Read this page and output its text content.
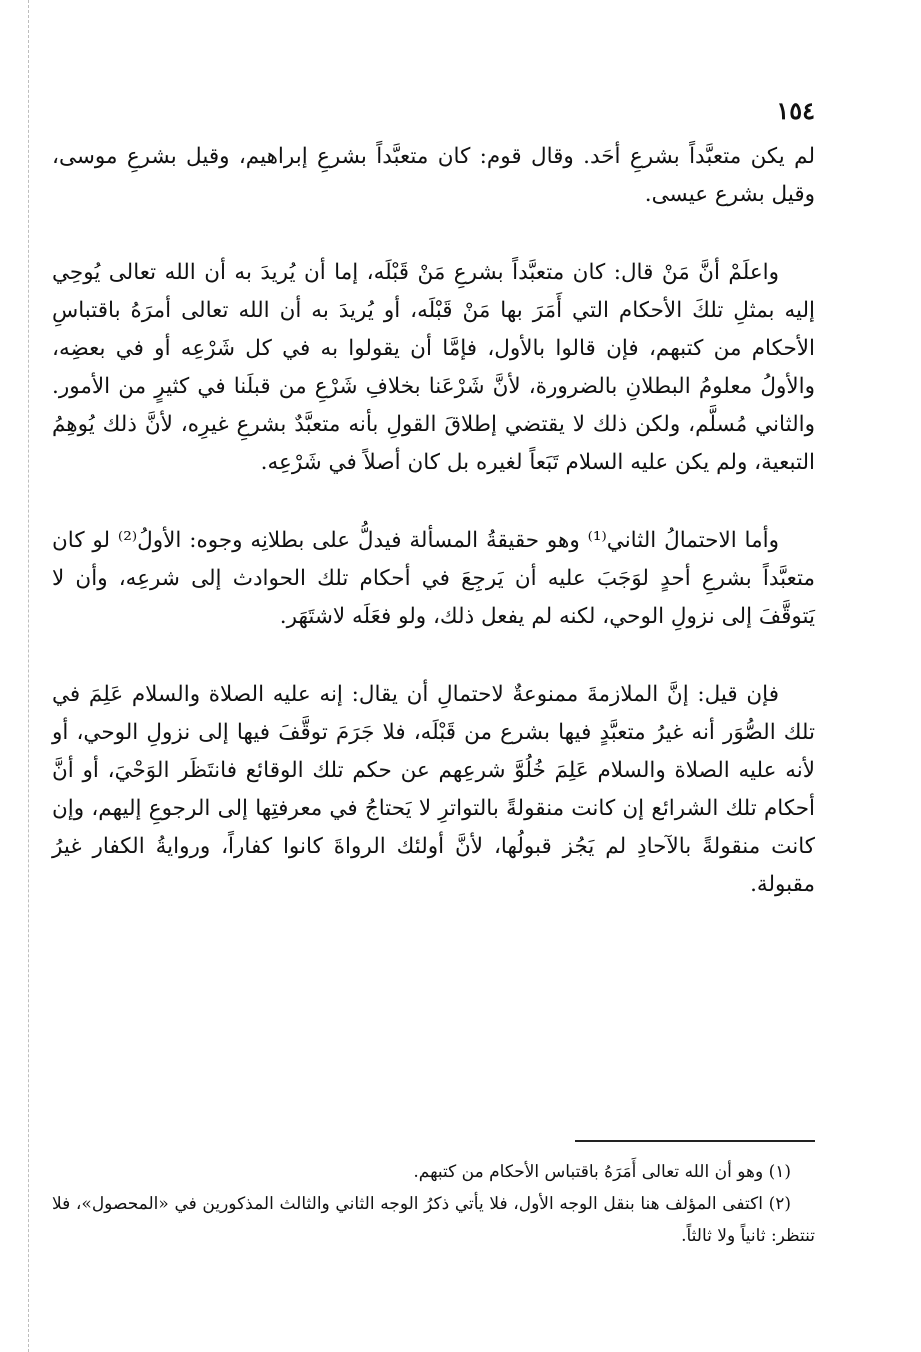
١٥٤

لم يكن متعبَّداً بشرعِ أحَد. وقال قوم: كان متعبَّداً بشرعِ إبراهيم، وقيل بشرعِ موسى، وقيل بشرع عيسى.

واعلَمْ أنَّ مَنْ قال: كان متعبَّداً بشرعِ مَنْ قَبْلَه، إما أن يُريدَ به أن الله تعالى يُوحِي إليه بمثلِ تلكَ الأحكام التي أَمَرَ بها مَنْ قَبْلَه، أو يُريدَ به أن الله تعالى أمرَهُ باقتباسِ الأحكام من كتبهم، فإن قالوا بالأول، فإمَّا أن يقولوا به في كل شَرْعِه أو في بعضِه، والأولُ معلومُ البطلانِ بالضرورة، لأنَّ شَرْعَنا بخلافِ شَرْعِ من قبلَنا في كثيرٍ من الأمور. والثاني مُسلَّم، ولكن ذلك لا يقتضي إطلاقَ القولِ بأنه متعبَّدٌ بشرعِ غيرِه، لأنَّ ذلك يُوهِمُ التبعية، ولم يكن عليه السلام تَبَعاً لغيره بل كان أصلاً في شَرْعِه.

وأما الاحتمالُ الثاني⁽¹⁾ وهو حقيقةُ المسألة فيدلُّ على بطلانِه وجوه: الأولُ⁽²⁾ لو كان متعبَّداً بشرعِ أحدٍ لوَجَبَ عليه أن يَرجِعَ في أحكام تلك الحوادث إلى شرعِه، وأن لا يَتوقَّفَ إلى نزولِ الوحي، لكنه لم يفعل ذلك، ولو فعَلَه لاشتَهَر.

فإن قيل: إنَّ الملازمةَ ممنوعةٌ لاحتمالِ أن يقال: إنه عليه الصلاة والسلام عَلِمَ في تلك الصُّوَر أنه غيرُ متعبَّدٍ فيها بشرع من قَبْلَه، فلا جَرَمَ توقَّفَ فيها إلى نزولِ الوحي، أو لأنه عليه الصلاة والسلام عَلِمَ خُلُوَّ شرعِهم عن حكم تلك الوقائع فانتَظَر الوَحْيَ، أو أنَّ أحكام تلك الشرائع إن كانت منقولةً بالتواترِ لا يَحتاجُ في معرفتِها إلى الرجوعِ إليهم، وإن كانت منقولةً بالآحادِ لم يَجُز قبولُها، لأنَّ أولئك الرواةَ كانوا كفاراً، وروايةُ الكفار غيرُ مقبولة.

(١) وهو أن الله تعالى أَمَرَهُ باقتباس الأحكام من كتبهم.

(٢) اكتفى المؤلف هنا بنقل الوجه الأول، فلا يأتي ذكرُ الوجه الثاني والثالث المذكورين في «المحصول»، فلا تنتظر: ثانياً ولا ثالثاً.
